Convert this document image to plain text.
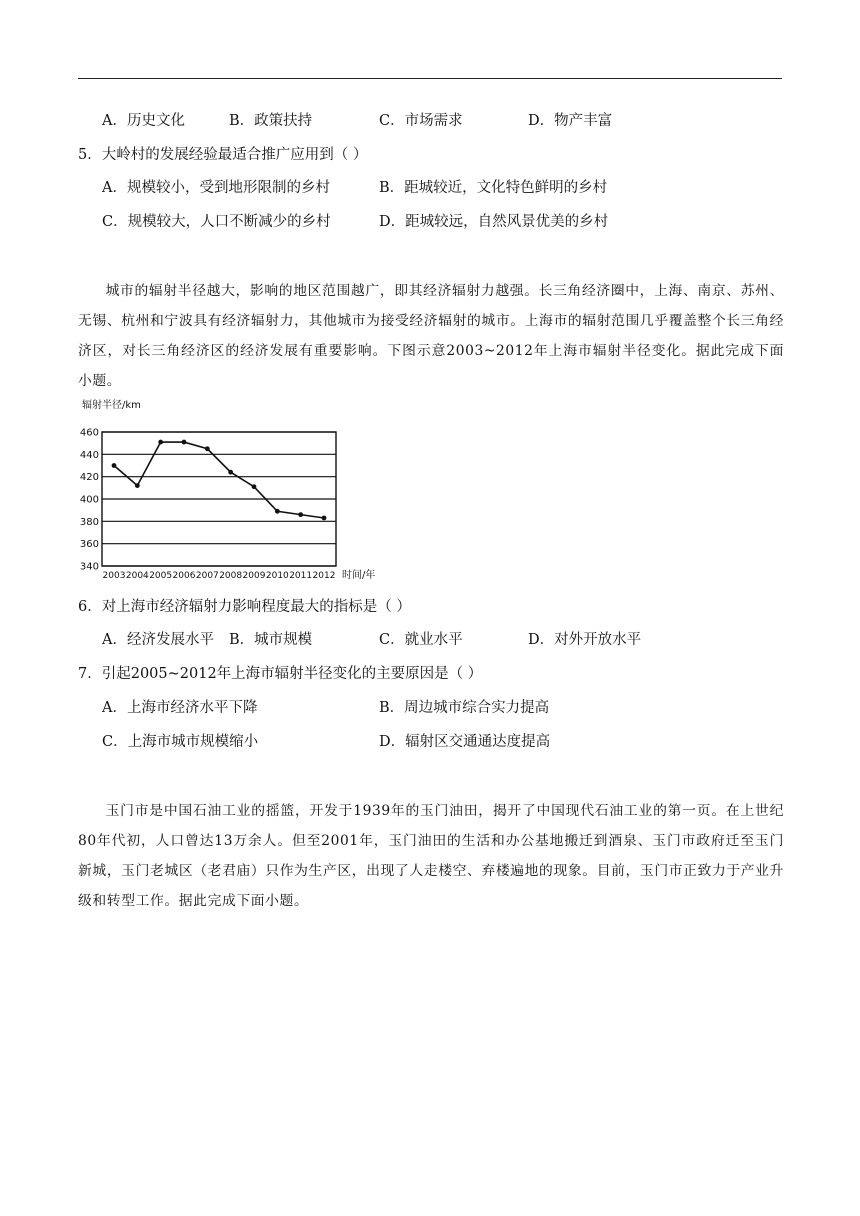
A．历史文化	B．政策扶持	C．市场需求	D．物产丰富
5．大岭村的发展经验最适合推广应用到（ ）
A．规模较小，受到地形限制的乡村	B．距城较近，文化特色鲜明的乡村
C．规模较大，人口不断减少的乡村	D．距城较远，自然风景优美的乡村
城市的辐射半径越大，影响的地区范围越广，即其经济辐射力越强。长三角经济圈中，上海、南京、苏州、无锡、杭州和宁波具有经济辐射力，其他城市为接受经济辐射的城市。上海市的辐射范围几乎覆盖整个长三角经济区，对长三角经济区的经济发展有重要影响。下图示意2003~2012年上海市辐射半径变化。据此完成下面小题。
辐射半径/km
460
440
420
400
380
360
340
2003 2004 2005 2006 2007 2008 2009 2010 2011 2012 时间/年
6．对上海市经济辐射力影响程度最大的指标是（ ）
A．经济发展水平 B．城市规模	C．就业水平	D．对外开放水平
7．引起2005~2012年上海市辐射半径变化的主要原因是（ ）
A．上海市经济水平下降	B．周边城市综合实力提高
C．上海市城市规模缩小	D．辐射区交通通达度提高
玉门市是中国石油工业的摇篮，开发于1939年的玉门油田，揭开了中国现代石油工业的第一页。在上世纪80年代初，人口曾达13万余人。但至2001年，玉门油田的生活和办公基地搬迁到酒泉、玉门市政府迁至玉门新城，玉门老城区（老君庙）只作为生产区，出现了人走楼空、弃楼遍地的现象。目前，玉门市正致力于产业升级和转型工作。据此完成下面小题。
